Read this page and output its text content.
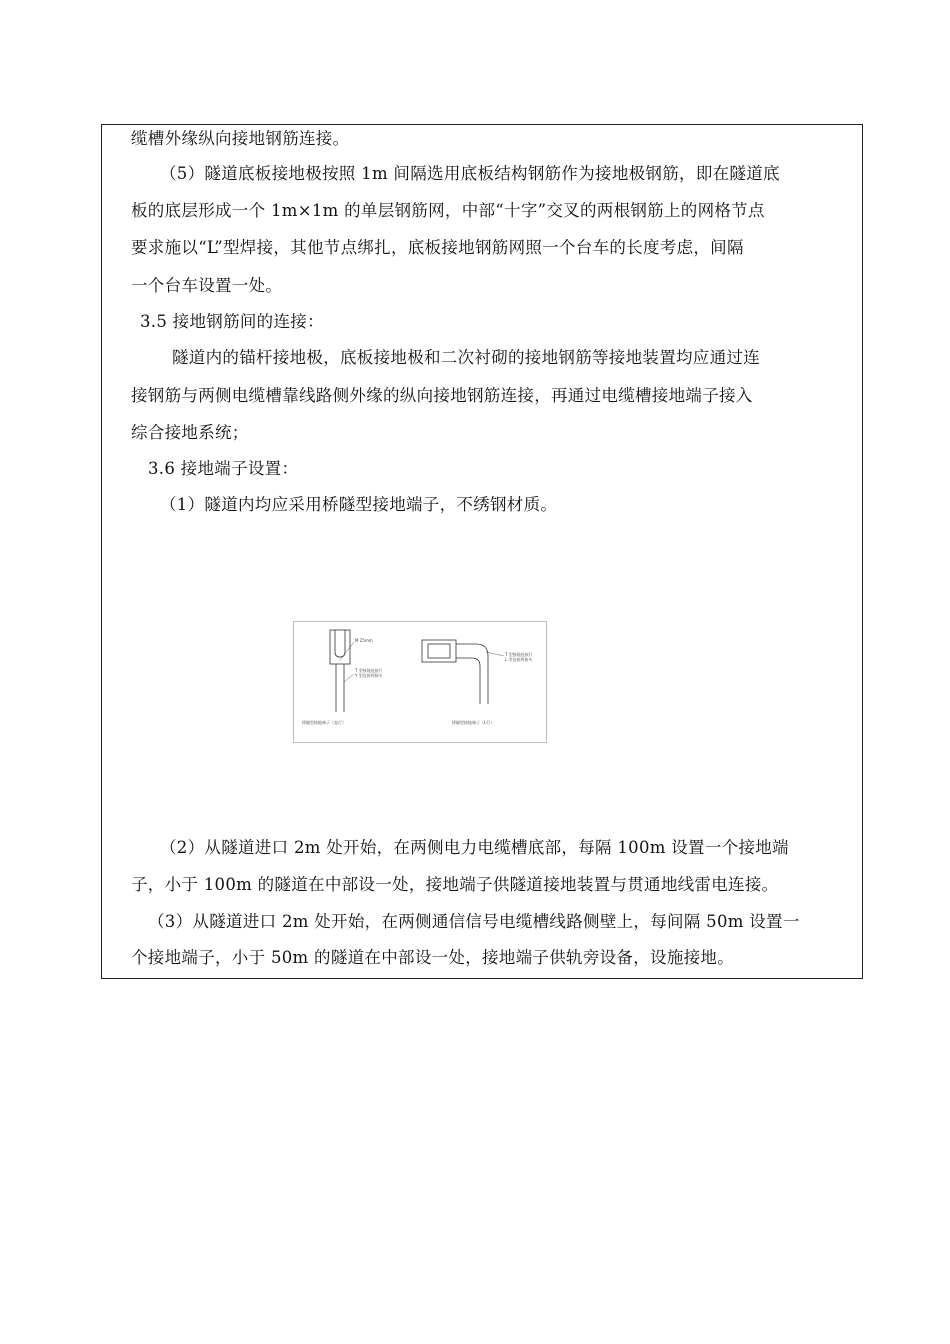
缆槽外缘纵向接地钢筋连接。
（5）隧道底板接地极按照 1m 间隔选用底板结构钢筋作为接地极钢筋，即在隧道底
板的底层形成一个 1m×1m 的单层钢筋网，中部“十字”交叉的两根钢筋上的网格节点
要求施以“L”型焊接，其他节点绑扎，底板接地钢筋网照一个台车的长度考虑，间隔
一个台车设置一处。
3.5 接地钢筋间的连接：
隧道内的锚杆接地极，底板接地极和二次衬砌的接地钢筋等接地装置均应通过连
接钢筋与两侧电缆槽靠线路侧外缘的纵向接地钢筋连接，再通过电缆槽接地端子接入
综合接地系统；
3.6 接地端子设置：
（1）隧道内均应采用桥隧型接地端子，不绣钢材质。
M 25mm
T 型接地连接片
Y 型直接焊接头
桥隧型接地端子（直行）
T 型接地连接片
L 型直接焊接头
桥隧型接地端子（L行）
（2）从隧道进口 2m 处开始，在两侧电力电缆槽底部，每隔 100m 设置一个接地端
子，小于 100m 的隧道在中部设一处，接地端子供隧道接地装置与贯通地线雷电连接。
（3）从隧道进口 2m 处开始，在两侧通信信号电缆槽线路侧壁上，每间隔 50m 设置一
个接地端子，小于 50m 的隧道在中部设一处，接地端子供轨旁设备，设施接地。
